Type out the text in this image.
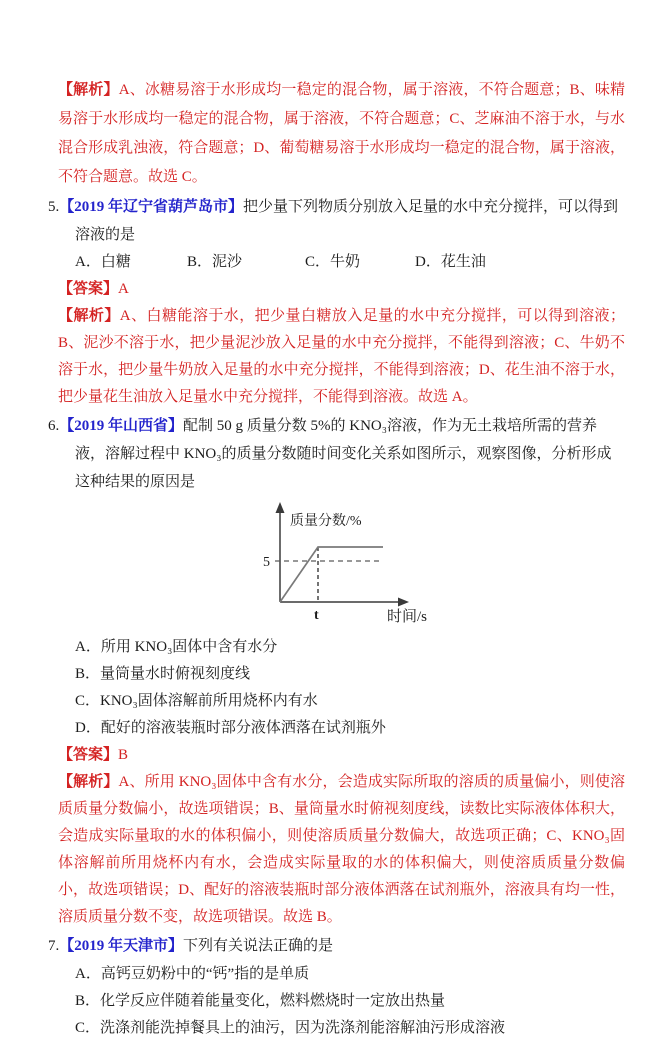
【解析】A、冰糖易溶于水形成均一稳定的混合物，属于溶液，不符合题意；B、味精易溶于水形成均一稳定的混合物，属于溶液，不符合题意；C、芝麻油不溶于水，与水混合形成乳浊液，符合题意；D、葡萄糖易溶于水形成均一稳定的混合物，属于溶液，不符合题意。故选 C。

5.【2019 年辽宁省葫芦岛市】把少量下列物质分别放入足量的水中充分搅拌，可以得到溶液的是

A．白糖	B．泥沙	C．牛奶	D．花生油

【答案】A

【解析】A、白糖能溶于水，把少量白糖放入足量的水中充分搅拌，可以得到溶液；B、泥沙不溶于水，把少量泥沙放入足量的水中充分搅拌，不能得到溶液；C、牛奶不溶于水，把少量牛奶放入足量的水中充分搅拌，不能得到溶液；D、花生油不溶于水，把少量花生油放入足量水中充分搅拌，不能得到溶液。故选 A。

6.【2019 年山西省】配制 50 g 质量分数 5%的 KNO₃溶液，作为无土栽培所需的营养液，溶解过程中 KNO₃的质量分数随时间变化关系如图所示，观察图像，分析形成这种结果的原因是

5
质量分数/%
t	时间/s
A．所用 KNO₃固体中含有水分
B．量筒量水时俯视刻度线
C．KNO₃固体溶解前所用烧杯内有水
D．配好的溶液装瓶时部分液体洒落在试剂瓶外

【答案】B

【解析】A、所用 KNO₃固体中含有水分，会造成实际所取的溶质的质量偏小，则使溶质质量分数偏小，故选项错误；B、量筒量水时俯视刻度线，读数比实际液体体积大，会造成实际量取的水的体积偏小，则使溶质质量分数偏大，故选项正确；C、KNO₃固体溶解前所用烧杯内有水，会造成实际量取的水的体积偏大，则使溶质质量分数偏小，故选项错误；D、配好的溶液装瓶时部分液体洒落在试剂瓶外，溶液具有均一性，溶质质量分数不变，故选项错误。故选 B。

7.【2019 年天津市】下列有关说法正确的是

A．高钙豆奶粉中的“钙”指的是单质
B．化学反应伴随着能量变化，燃料燃烧时一定放出热量
C．洗涤剂能洗掉餐具上的油污，因为洗涤剂能溶解油污形成溶液
